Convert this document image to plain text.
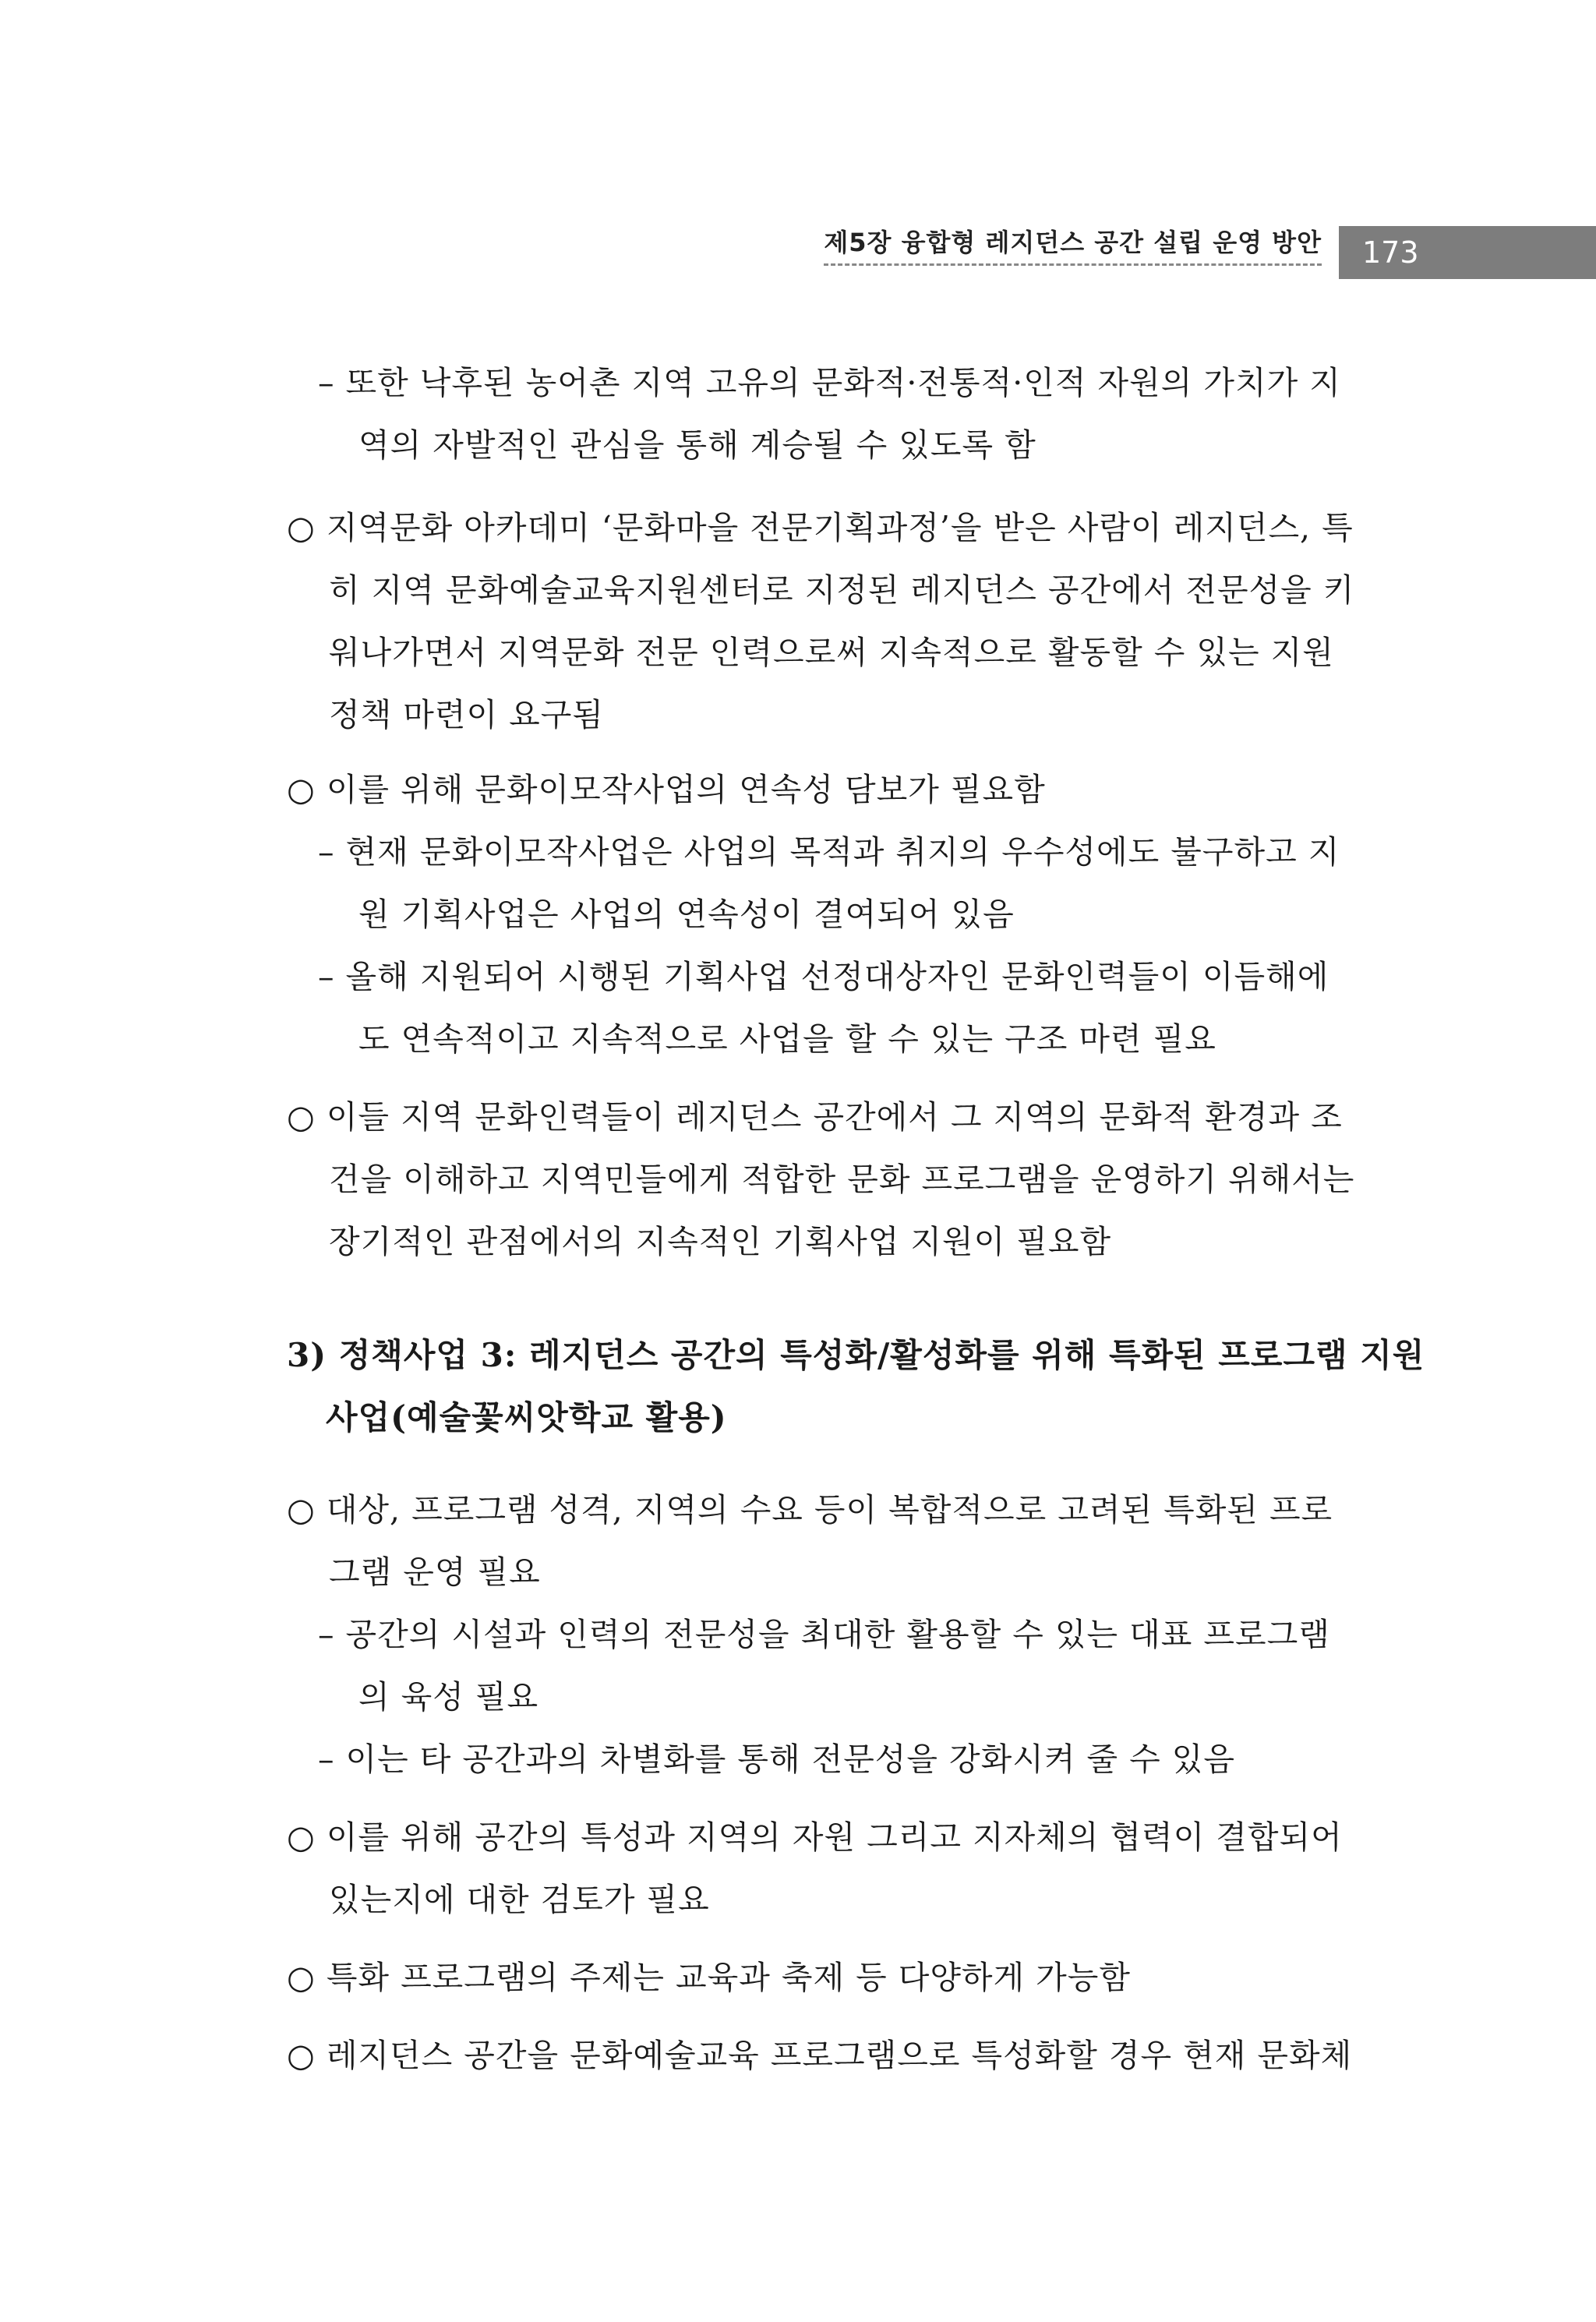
제5장 융합형 레지던스 공간 설립 운영 방안 173
– 또한 낙후된 농어촌 지역 고유의 문화적·전통적·인적 자원의 가치가 지
역의 자발적인 관심을 통해 계승될 수 있도록 함
○ 지역문화 아카데미 ‘문화마을 전문기획과정’을 받은 사람이 레지던스, 특
히 지역 문화예술교육지원센터로 지정된 레지던스 공간에서 전문성을 키
워나가면서 지역문화 전문 인력으로써 지속적으로 활동할 수 있는 지원
정책 마련이 요구됨
○ 이를 위해 문화이모작사업의 연속성 담보가 필요함
– 현재 문화이모작사업은 사업의 목적과 취지의 우수성에도 불구하고 지
원 기획사업은 사업의 연속성이 결여되어 있음
– 올해 지원되어 시행된 기획사업 선정대상자인 문화인력들이 이듬해에
도 연속적이고 지속적으로 사업을 할 수 있는 구조 마련 필요
○ 이들 지역 문화인력들이 레지던스 공간에서 그 지역의 문화적 환경과 조
건을 이해하고 지역민들에게 적합한 문화 프로그램을 운영하기 위해서는
장기적인 관점에서의 지속적인 기획사업 지원이 필요함
3) 정책사업 3: 레지던스 공간의 특성화/활성화를 위해 특화된 프로그램 지원
사업(예술꽃씨앗학교 활용)
○ 대상, 프로그램 성격, 지역의 수요 등이 복합적으로 고려된 특화된 프로
그램 운영 필요
– 공간의 시설과 인력의 전문성을 최대한 활용할 수 있는 대표 프로그램
의 육성 필요
– 이는 타 공간과의 차별화를 통해 전문성을 강화시켜 줄 수 있음
○ 이를 위해 공간의 특성과 지역의 자원 그리고 지자체의 협력이 결합되어
있는지에 대한 검토가 필요
○ 특화 프로그램의 주제는 교육과 축제 등 다양하게 가능함
○ 레지던스 공간을 문화예술교육 프로그램으로 특성화할 경우 현재 문화체
